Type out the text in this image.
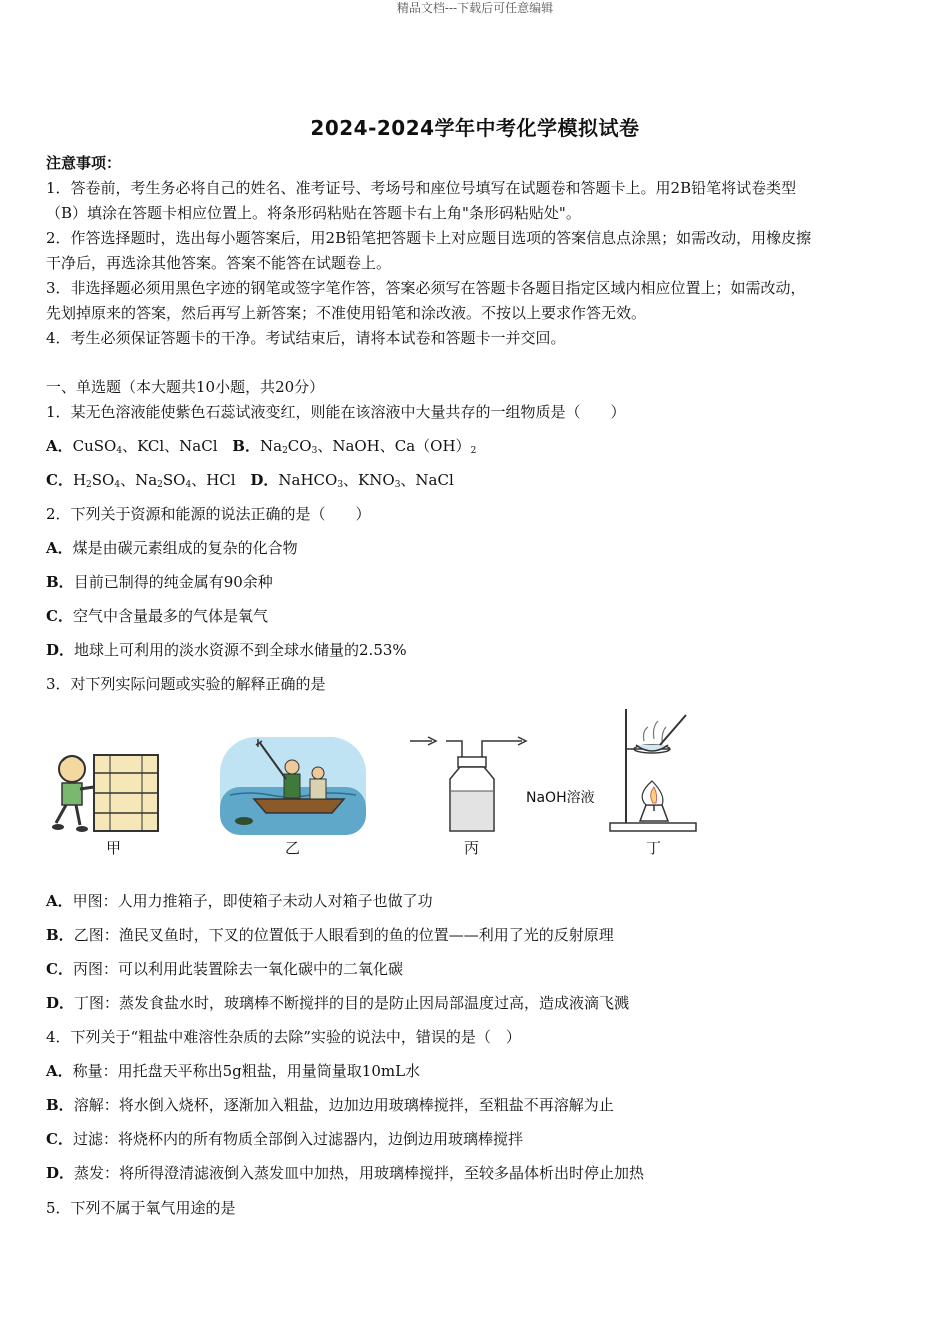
精品文档---下载后可任意编辑
2024-2024学年中考化学模拟试卷
注意事项：
1．答卷前，考生务必将自己的姓名、准考证号、考场号和座位号填写在试题卷和答题卡上。用2B铅笔将试卷类型
（B）填涂在答题卡相应位置上。将条形码粘贴在答题卡右上角"条形码粘贴处"。
2．作答选择题时，选出每小题答案后，用2B铅笔把答题卡上对应题目选项的答案信息点涂黑；如需改动，用橡皮擦
干净后，再选涂其他答案。答案不能答在试题卷上。
3．非选择题必须用黑色字迹的钢笔或签字笔作答，答案必须写在答题卡各题目指定区域内相应位置上；如需改动，
先划掉原来的答案，然后再写上新答案；不准使用铅笔和涂改液。不按以上要求作答无效。
4．考生必须保证答题卡的干净。考试结束后，请将本试卷和答题卡一并交回。
一、单选题（本大题共10小题，共20分）
1．某无色溶液能使紫色石蕊试液变红，则能在该溶液中大量共存的一组物质是（　　）
A．CuSO$_4$、KCl、NaCl B．$Na_2CO_3$、NaOH、$Ca(OH)_2$
C．$H_2SO_4$、$Na_2SO_4$、HCl D．NaHCO$_3$、$KNO_3$、NaCl
2．下列关于资源和能源的说法正确的是（　　）
A．煤是由碳元素组成的复杂的化合物
B．目前已制得的纯金属有90余种
C．空气中含量最多的气体是氧气
D．地球上可利用的淡水资源不到全球水储量的2.53%
3．对下列实际问题或实验的解释正确的是
甲	乙
NaOH溶液
丙	丁
A．甲图：人用力推箱子，即使箱子未动人对箱子也做了功
B．乙图：渔民叉鱼时，下叉的位置低于人眼看到的鱼的位置——利用了光的反射原理
C．丙图：可以利用此装置除去一氧化碳中的二氧化碳
D．丁图：蒸发食盐水时，玻璃棒不断搅拌的目的是防止因局部温度过高，造成液滴飞溅
4．下列关于“粗盐中难溶性杂质的去除”实验的说法中，错误的是（　）
A．称量：用托盘天平称出5g粗盐，用量筒量取10mL水
B．溶解：将水倒入烧杯，逐渐加入粗盐，边加边用玻璃棒搅拌，至粗盐不再溶解为止
C．过滤：将烧杯内的所有物质全部倒入过滤器内，边倒边用玻璃棒搅拌
D．蒸发：将所得澄清滤液倒入蒸发皿中加热，用玻璃棒搅拌，至较多晶体析出时停止加热
5．下列不属于氧气用途的是
